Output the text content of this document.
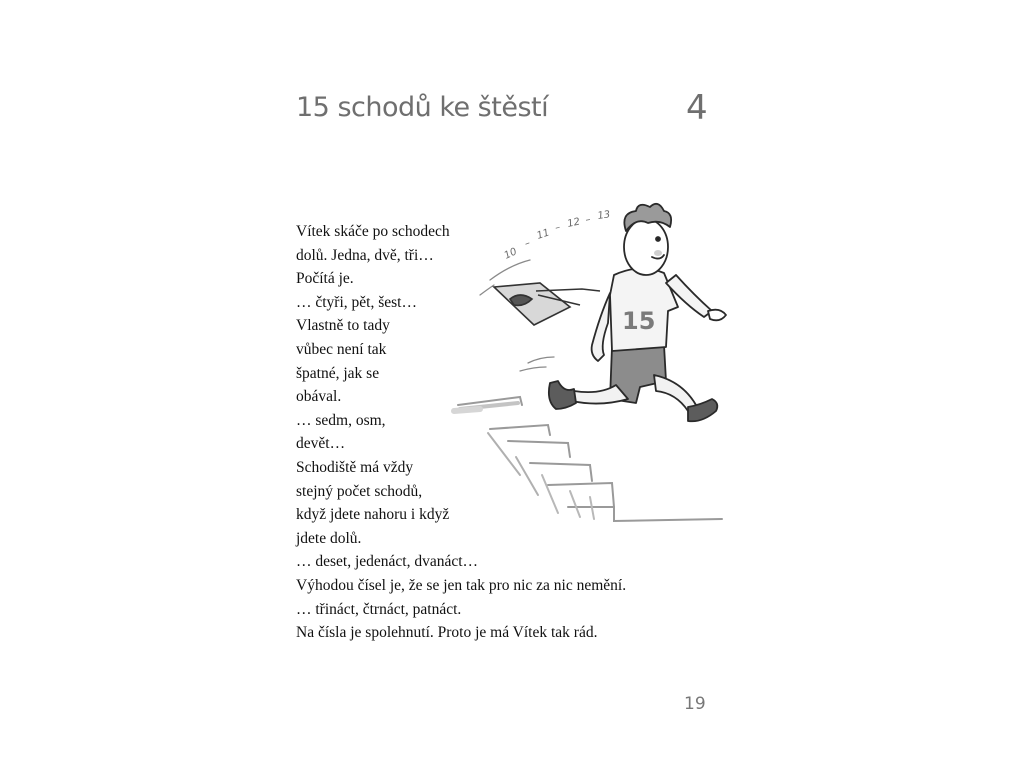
15 schodů ke štěstí	4
Vítek skáče po schodech
dolů. Jedna, dvě, tři…
Počítá je.
… čtyři, pět, šest…
Vlastně to tady
vůbec není tak
špatné, jak se
obával.
… sedm, osm,
devět…
Schodiště má vždy
stejný počet schodů,
když jdete nahoru i když
jdete dolů.
… deset, jedenáct, dvanáct…
Výhodou čísel je, že se jen tak pro nic za nic nemění.
… třináct, čtrnáct, patnáct.
Na čísla je spolehnutí. Proto je má Vítek tak rád.
10
–
11 – 12 – 13
15
19
